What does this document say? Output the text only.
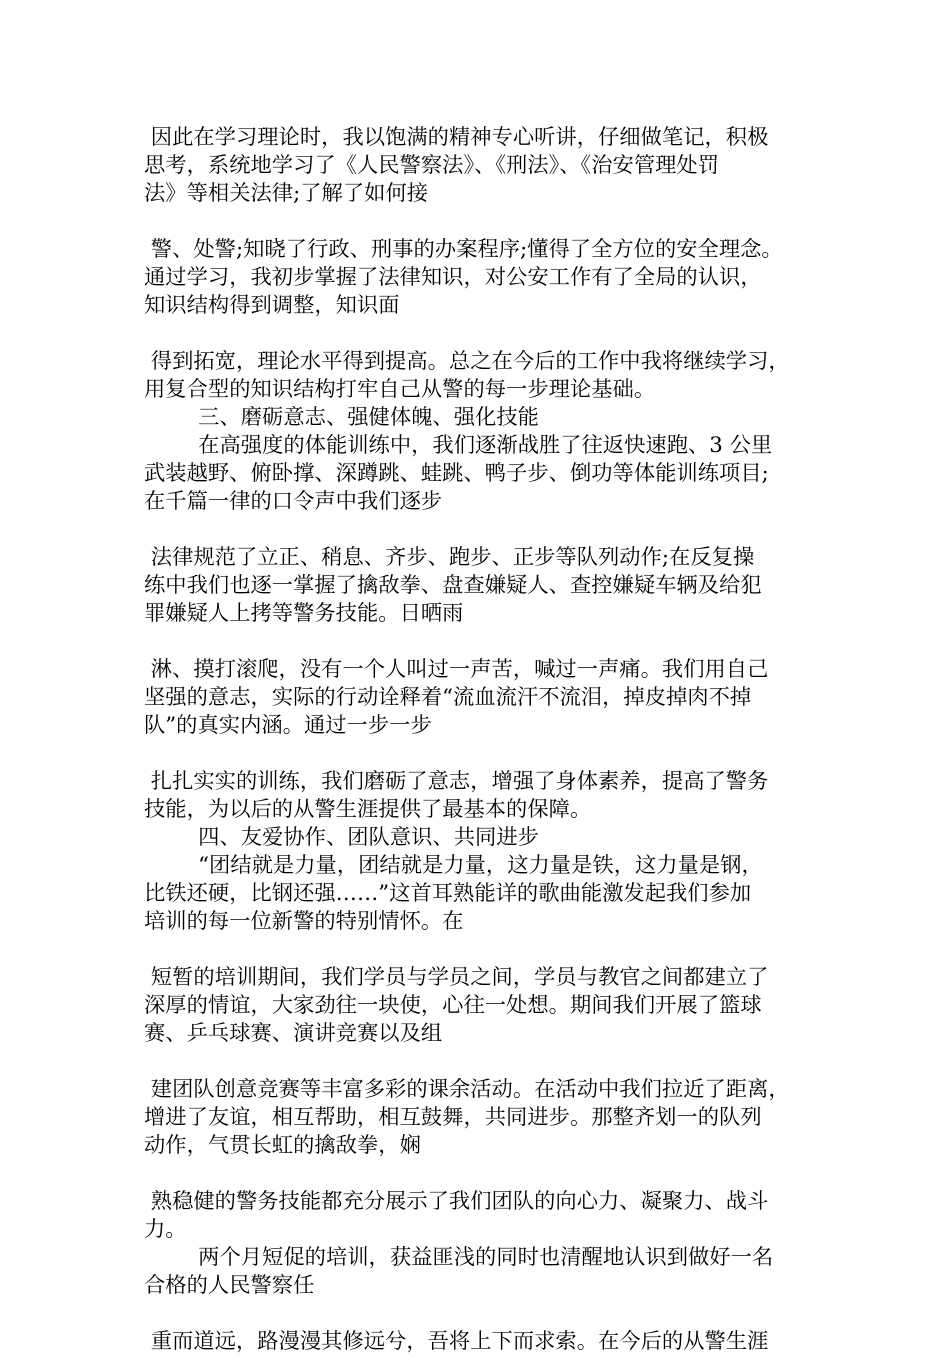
因此在学习理论时，我以饱满的精神专心听讲，仔细做笔记，积极
思考，系统地学习了《人民警察法》、《刑法》、《治安管理处罚
法》等相关法律;了解了如何接
警、处警;知晓了行政、刑事的办案程序;懂得了全方位的安全理念。
通过学习，我初步掌握了法律知识，对公安工作有了全局的认识，
知识结构得到调整，知识面
得到拓宽，理论水平得到提高。总之在今后的工作中我将继续学习，
用复合型的知识结构打牢自己从警的每一步理论基础。
三、磨砺意志、强健体魄、强化技能
在高强度的体能训练中，我们逐渐战胜了往返快速跑、3 公里
武装越野、俯卧撑、深蹲跳、蛙跳、鸭子步、倒功等体能训练项目;
在千篇一律的口令声中我们逐步
法律规范了立正、稍息、齐步、跑步、正步等队列动作;在反复操
练中我们也逐一掌握了擒敌拳、盘查嫌疑人、查控嫌疑车辆及给犯
罪嫌疑人上拷等警务技能。日晒雨
淋、摸打滚爬，没有一个人叫过一声苦，喊过一声痛。我们用自己
坚强的意志，实际的行动诠释着“流血流汗不流泪，掉皮掉肉不掉
队”的真实内涵。通过一步一步
扎扎实实的训练，我们磨砺了意志，增强了身体素养，提高了警务
技能，为以后的从警生涯提供了最基本的保障。
四、友爱协作、团队意识、共同进步
“团结就是力量，团结就是力量，这力量是铁，这力量是钢，
比铁还硬，比钢还强……”这首耳熟能详的歌曲能激发起我们参加
培训的每一位新警的特别情怀。在
短暂的培训期间，我们学员与学员之间，学员与教官之间都建立了
深厚的情谊，大家劲往一块使，心往一处想。期间我们开展了篮球
赛、乒乓球赛、演讲竞赛以及组
建团队创意竞赛等丰富多彩的课余活动。在活动中我们拉近了距离，
增进了友谊，相互帮助，相互鼓舞，共同进步。那整齐划一的队列
动作，气贯长虹的擒敌拳，娴
熟稳健的警务技能都充分展示了我们团队的向心力、凝聚力、战斗
力。
两个月短促的培训，获益匪浅的同时也清醒地认识到做好一名
合格的人民警察任
重而道远，路漫漫其修远兮，吾将上下而求索。在今后的从警生涯
